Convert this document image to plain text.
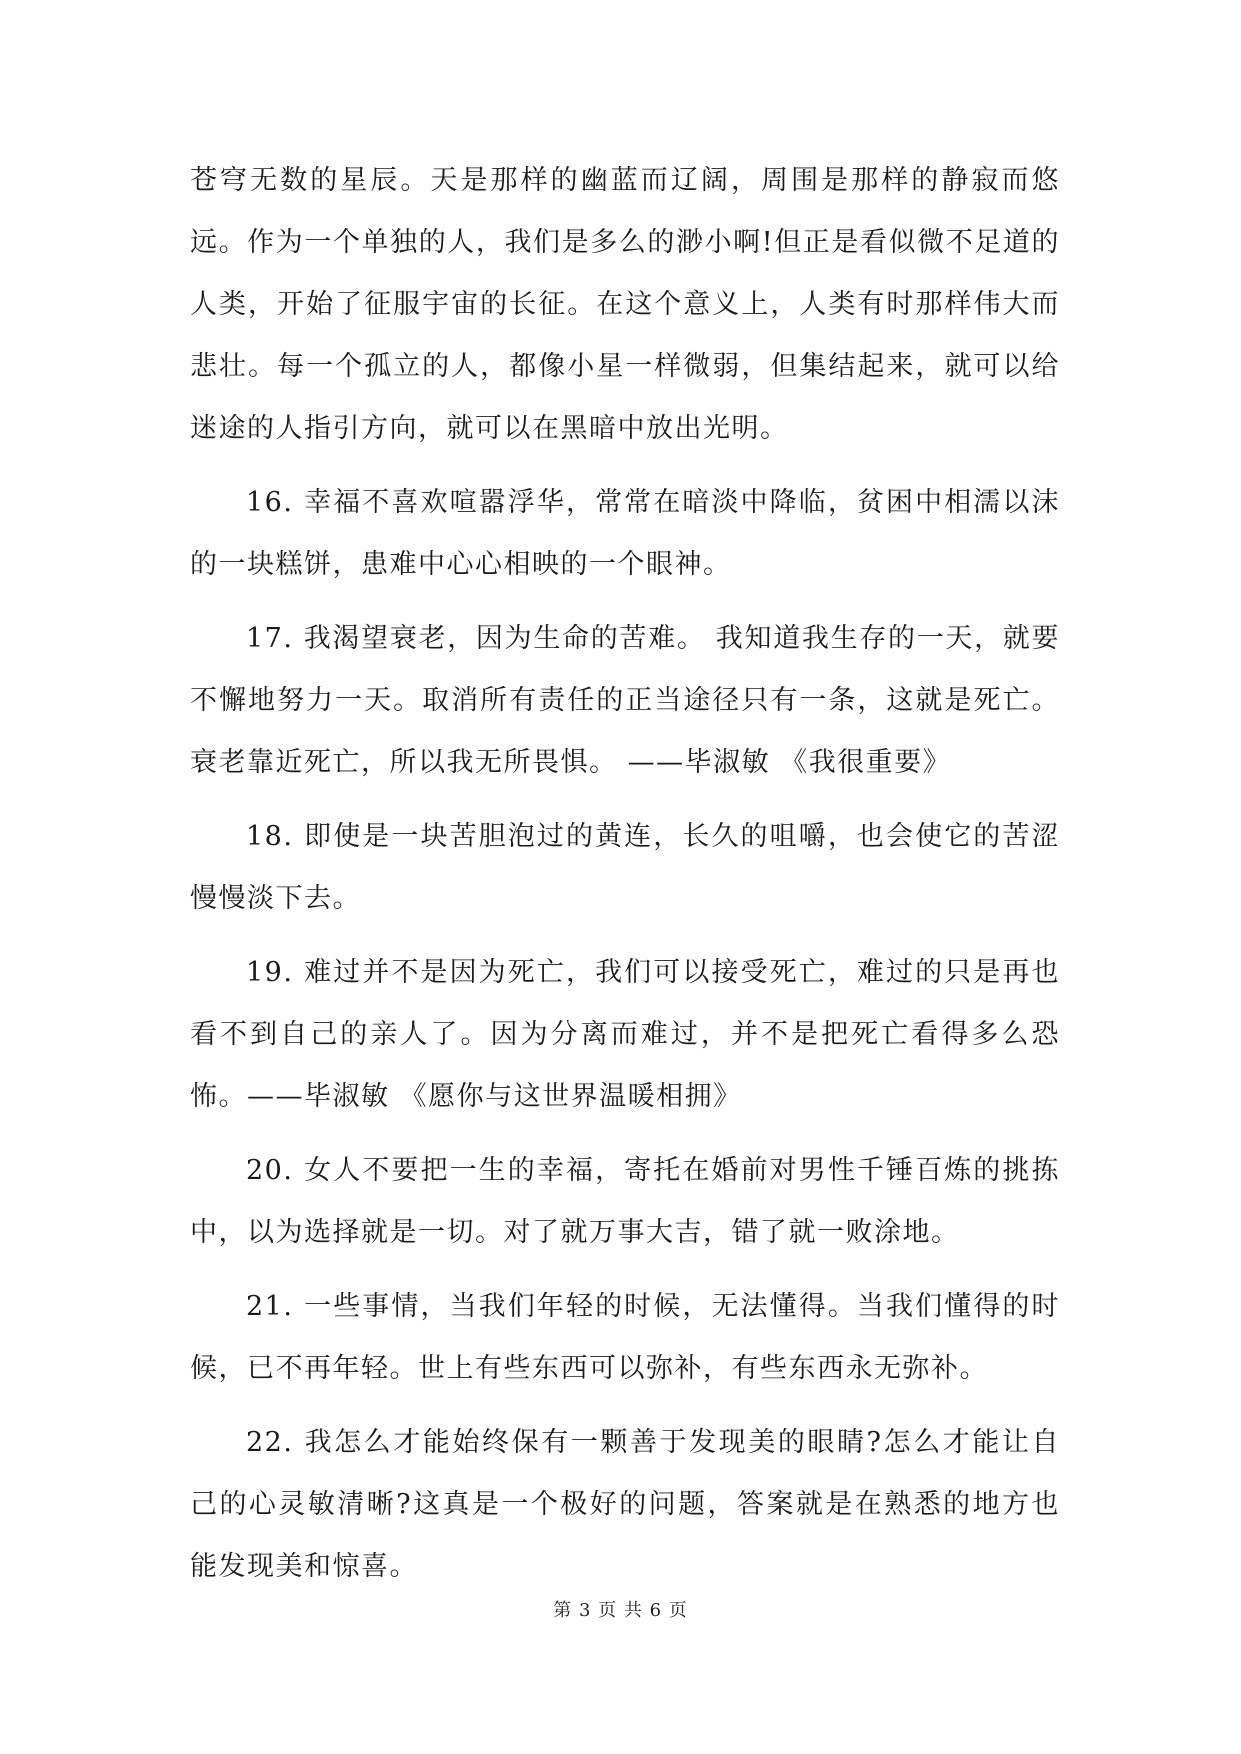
苍穹无数的星辰。天是那样的幽蓝而辽阔，周围是那样的静寂而悠远。作为一个单独的人，我们是多么的渺小啊!但正是看似微不足道的人类，开始了征服宇宙的长征。在这个意义上，人类有时那样伟大而悲壮。每一个孤立的人，都像小星一样微弱，但集结起来，就可以给迷途的人指引方向，就可以在黑暗中放出光明。

16. 幸福不喜欢喧嚣浮华，常常在暗淡中降临，贫困中相濡以沫的一块糕饼，患难中心心相映的一个眼神。

17. 我渴望衰老，因为生命的苦难。 我知道我生存的一天，就要不懈地努力一天。取消所有责任的正当途径只有一条，这就是死亡。衰老靠近死亡，所以我无所畏惧。 ——毕淑敏 《我很重要》

18. 即使是一块苦胆泡过的黄连，长久的咀嚼，也会使它的苦涩慢慢淡下去。

19. 难过并不是因为死亡，我们可以接受死亡，难过的只是再也看不到自己的亲人了。因为分离而难过，并不是把死亡看得多么恐怖。——毕淑敏 《愿你与这世界温暖相拥》

20. 女人不要把一生的幸福，寄托在婚前对男性千锤百炼的挑拣中，以为选择就是一切。对了就万事大吉，错了就一败涂地。

21. 一些事情，当我们年轻的时候，无法懂得。当我们懂得的时候，已不再年轻。世上有些东西可以弥补，有些东西永无弥补。

22. 我怎么才能始终保有一颗善于发现美的眼睛?怎么才能让自己的心灵敏清晰?这真是一个极好的问题，答案就是在熟悉的地方也能发现美和惊喜。

第 3 页 共 6 页
